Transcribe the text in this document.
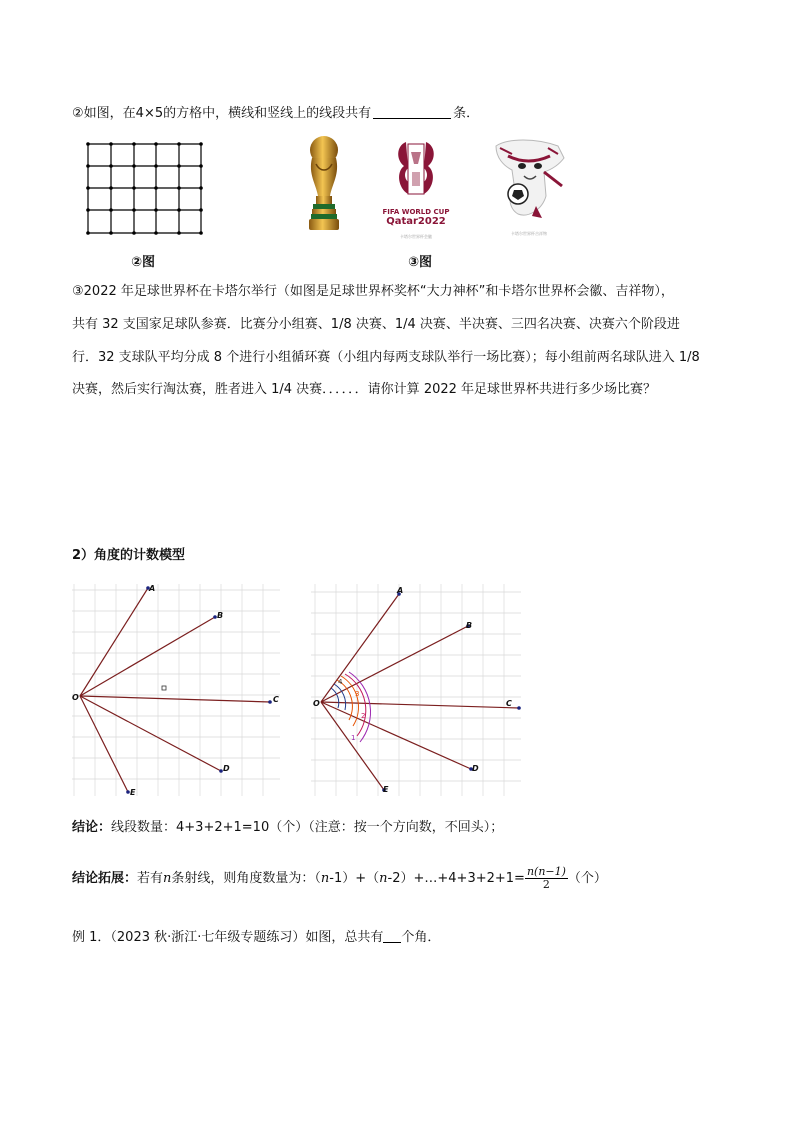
②如图，在4×5的方格中，横线和竖线上的线段共有	条．
FIFA WORLD CUP
Qatar2022
卡塔尔世界杯会徽
卡塔尔世界杯吉祥物
②图	③图
③2022 年足球世界杯在卡塔尔举行（如图是足球世界杯奖杯“大力神杯”和卡塔尔世界杯会徽、吉祥物），
共有 32 支国家足球队参赛．比赛分小组赛、1/8 决赛、1/4 决赛、半决赛、三四名决赛、决赛六个阶段进
行．32 支球队平均分成 8 个进行小组循环赛（小组内每两支球队举行一场比赛）；每小组前两名球队进入 1/8
决赛，然后实行淘汰赛，胜者进入 1/4 决赛．．．．．．请你计算 2022 年足球世界杯共进行多少场比赛？
2）角度的计数模型
A
B
C
D
E
O
4
3
2
1
A
B
C
D
E
O
结论：线段数量：4+3+2+1=10（个）（注意：按一个方向数，不回头）；
结论拓展：若有n条射线，则角度数量为：（n-1）+（n-2）+…+4+3+2+1= $\frac{n(n-1)}{2}$ （个）
例 1．（2023 秋·浙江·七年级专题练习）如图，总共有 个角．
